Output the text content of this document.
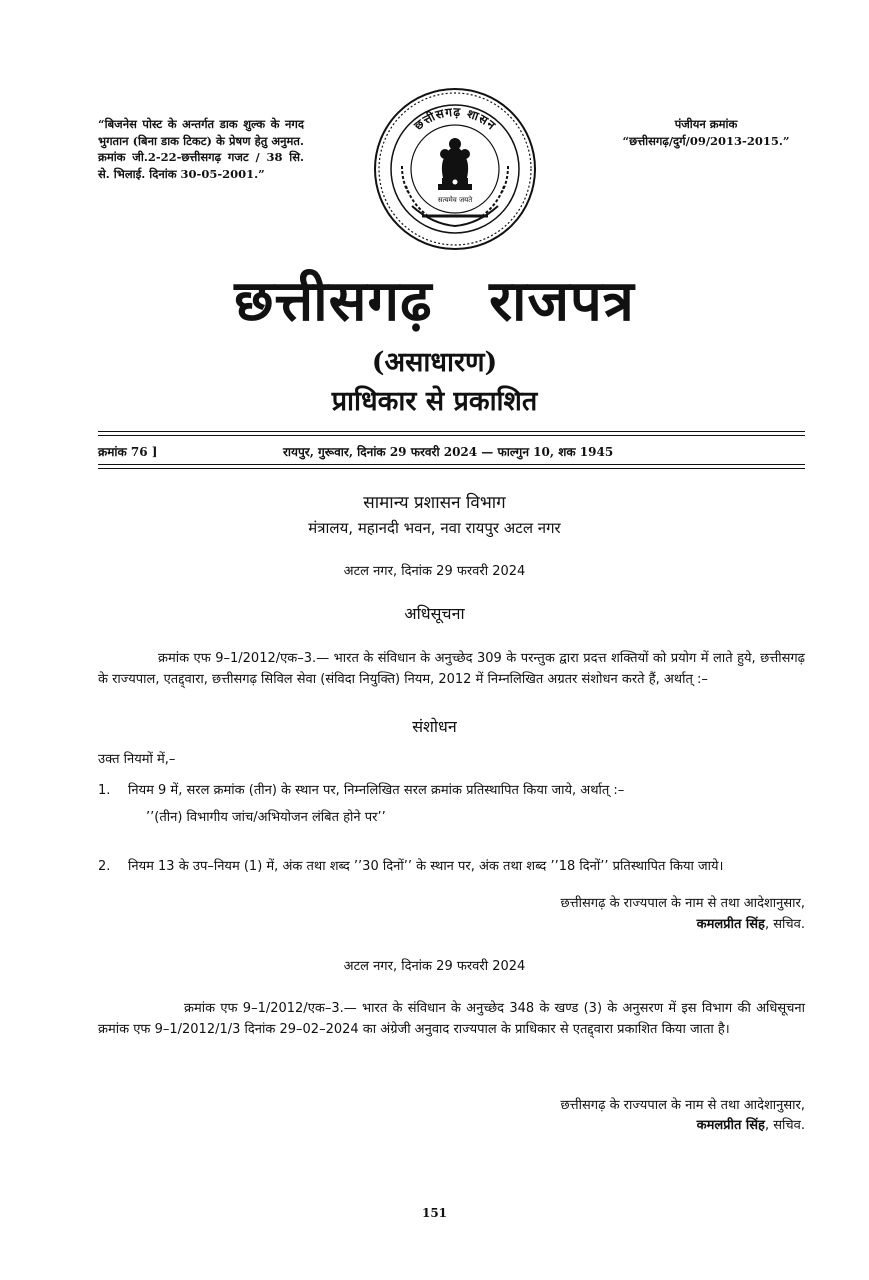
“बिजनेस पोस्ट के अन्तर्गत डाक शुल्क के नगद भुगतान (बिना डाक टिकट) के प्रेषण हेतु अनुमत. क्रमांक जी.2-22-छत्तीसगढ़ गजट / 38 सि. से. भिलाई. दिनांक 30-05-2001.”
पंजीयन क्रमांक
“छत्तीसगढ़/दुर्ग/09/2013-2015.”
छत्तीसगढ़ शासन
सत्यमेव जयते
छत्तीसगढ़ राजपत्र
(असाधारण)
प्राधिकार से प्रकाशित
क्रमांक 76 ]	रायपुर, गुरूवार, दिनांक 29 फरवरी 2024 — फाल्गुन 10, शक 1945
सामान्य प्रशासन विभाग
मंत्रालय, महानदी भवन, नवा रायपुर अटल नगर
अटल नगर, दिनांक 29 फरवरी 2024
अधिसूचना
क्रमांक एफ 9–1/2012/एक–3.— भारत के संविधान के अनुच्छेद 309 के परन्तुक द्वारा प्रदत्त शक्तियों को प्रयोग में लाते हुये, छत्तीसगढ़ के राज्यपाल, एतद्द्वारा, छत्तीसगढ़ सिविल सेवा (संविदा नियुक्ति) नियम, 2012 में निम्नलिखित अग्रतर संशोधन करते हैं, अर्थात् :–
संशोधन
उक्त नियमों में,–
1. नियम 9 में, सरल क्रमांक (तीन) के स्थान पर, निम्नलिखित सरल क्रमांक प्रतिस्थापित किया जाये, अर्थात् :–
’’(तीन) विभागीय जांच/अभियोजन लंबित होने पर’’
2. नियम 13 के उप–नियम (1) में, अंक तथा शब्द ’’30 दिनों’’ के स्थान पर, अंक तथा शब्द ’’18 दिनों’’ प्रतिस्थापित किया जाये।
छत्तीसगढ़ के राज्यपाल के नाम से तथा आदेशानुसार,
कमलप्रीत सिंह, सचिव.
अटल नगर, दिनांक 29 फरवरी 2024
क्रमांक एफ 9–1/2012/एक–3.— भारत के संविधान के अनुच्छेद 348 के खण्ड (3) के अनुसरण में इस विभाग की अधिसूचना क्रमांक एफ 9–1/2012/1/3 दिनांक 29–02–2024 का अंग्रेजी अनुवाद राज्यपाल के प्राधिकार से एतद्द्वारा प्रकाशित किया जाता है।
छत्तीसगढ़ के राज्यपाल के नाम से तथा आदेशानुसार,
कमलप्रीत सिंह, सचिव.
151
